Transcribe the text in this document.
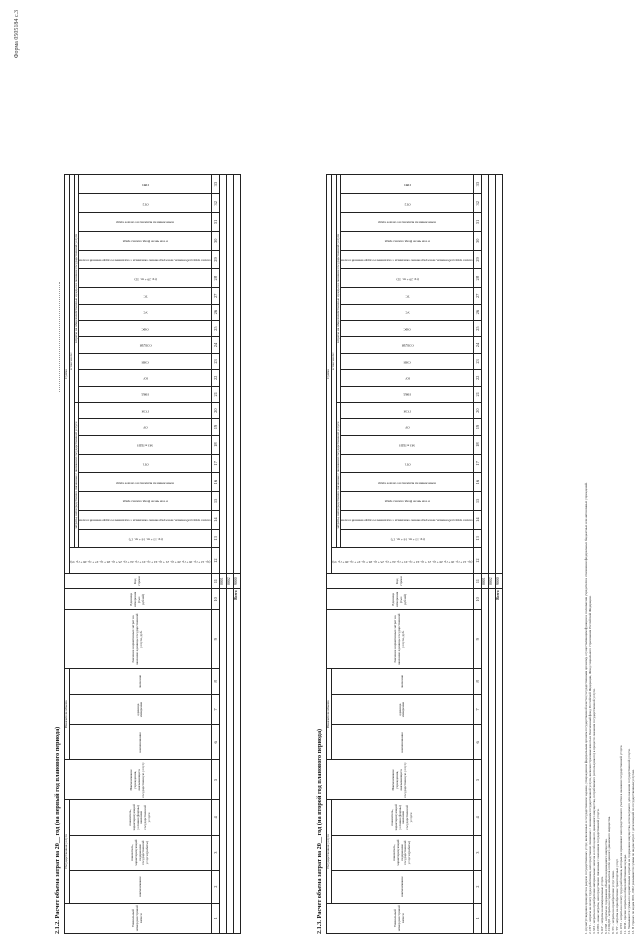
Форма 0505184 с.3
2.1.2. Расчет объема затрат на 20__ год (на первый год планового периода)	Уникальный номер реестровой записи	Государственная услуга			Наименование учреждения, оказывающего государственную услугу	Показатели объема			Значение нормативных затрат на оказание единицы государственной услуги, руб.	Единица измерения (тыс. рублей)	Код строки	Сумма																					
	наименование	показатель, характеризующий содержание государственной услуги (работы)	показатель, характеризующий условия (формы) оказания государственной услуги		наименование	единица измерения	значение				(гр. 12 + гр. 18 + гр. 20 + гр. 21 + гр. 22 + гр. 23 + гр. 24 + гр. 25 + гр. 26 + гр. 27 + гр. 28 + гр. 33)	в том числе:																				
												затраты, непосредственно связанные с оказанием государственной услуги								затраты на общехозяйственные нужды на оказание государственной услуги												
												(гр. 13 + гр. 16 + гр. 17)	оплата труда работников, непосредственно связанных с оказанием государственной услуги	в том числе фонд оплаты труда	начисления на выплаты по оплате труда	ОТ1	МЗ и ПДИ	ОУ	ГСМ	ИНД	КУ	СНИ	СОЦДИ	ОФС	УС	ТС	(гр. 29 + гр. 32)	оплата труда работников, непосредственно связанных с оказанием государственной услуги	в том числе фонд оплаты труда	начисления на выплаты по оплате труда	ОТ2	ПНЗ
1	2	3	4	5	6	7	8	9	10	11	12	13	14	15	16	17	18	19	20	21	22	23	24	25	26	27	28	29	30	31	32	33
										0001																						
										0002																						
Всего										9000																						
2.1.3. Расчет объема затрат на 20__ год (на второй год планового периода)	Уникальный номер реестровой записи	Государственная услуга			Наименование учреждения, оказывающего государственную услугу	Показатели объема			Значение нормативных затрат на оказание единицы государственной услуги, руб.	Единица измерения (тыс. рублей)	Код строки	Сумма																					
	наименование	показатель, характеризующий содержание государственной услуги (работы)	показатель, характеризующий условия (формы) оказания государственной услуги		наименование	единица измерения	значение				(гр. 12 + гр. 18 + гр. 20 + гр. 21 + гр. 22 + гр. 23 + гр. 24 + гр. 25 + гр. 26 + гр. 27 + гр. 28 + гр. 33)	в том числе:																				
												затраты, непосредственно связанные с оказанием государственной услуги								затраты на общехозяйственные нужды на оказание государственной услуги												
												(гр. 13 + гр. 16 + гр. 17)	оплата труда работников, непосредственно связанных с оказанием государственной услуги	в том числе фонд оплаты труда	начисления на выплаты по оплате труда	ОТ1	МЗ и ПДИ	ОУ	ГСМ	ИНД	КУ	СНИ	СОЦДИ	ОФС	УС	ТС	(гр. 29 + гр. 32)	оплата труда работников, непосредственно связанных с оказанием государственной услуги	в том числе фонд оплаты труда	начисления на выплаты по оплате труда	ОТ2	ПНЗ
1	2	3	4	5	6	7	8	9	10	11	12	13	14	15	16	17	18	19	20	21	22	23	24	25	26	27	28	29	30	31	32	33
										0001																						
										0002																						
Всего										9000																							1. (пункт) Сведения приводятся в разрезе государственных услуг, включенных в государственное задание, утвержденное федеральным органом государственной власти (государственным органом), осуществляющим функции и полномочия учредителя в отношении федеральных бюджетных или автономных учреждений. 2. ОТ1 - затраты на оплату труда работников, непосредственно связанных с оказанием государственной услуги, включая страховые взносы в Пенсионный фонд Российской Федерации, Фонд социального страхования Российской Федерации. 3. МЗ - затраты на приобретение материальных запасов и особо ценного движимого имущества, потребляемого (используемого) в процессе оказания государственной услуги. 4. ИНЗ - иные затраты, непосредственно связанные с оказанием государственной услуги. 5. КУ - затраты на коммунальные услуги. 6. СНИ - затраты на содержание объектов недвижимого имущества. 7. СОЦДИ - затраты на содержание объектов особо ценного движимого имущества. 8. УС - затраты на приобретение услуг связи. 9. ТУ - затраты на приобретение транспортных услуг. 10. ОТ2 - затраты на оплату труда работников, которые не принимают непосредственного участия в оказании государственной услуги. 11. ПНЗ - прочие затраты на общехозяйственные нужды. 12. Указываются суммы по нормативным затратам на содержание имущества, используемого для оказания государственной услуги. 13. В строках по кодам 0001, 0002 указываются суммы по видам затрат с детализацией по государственным услугам.
